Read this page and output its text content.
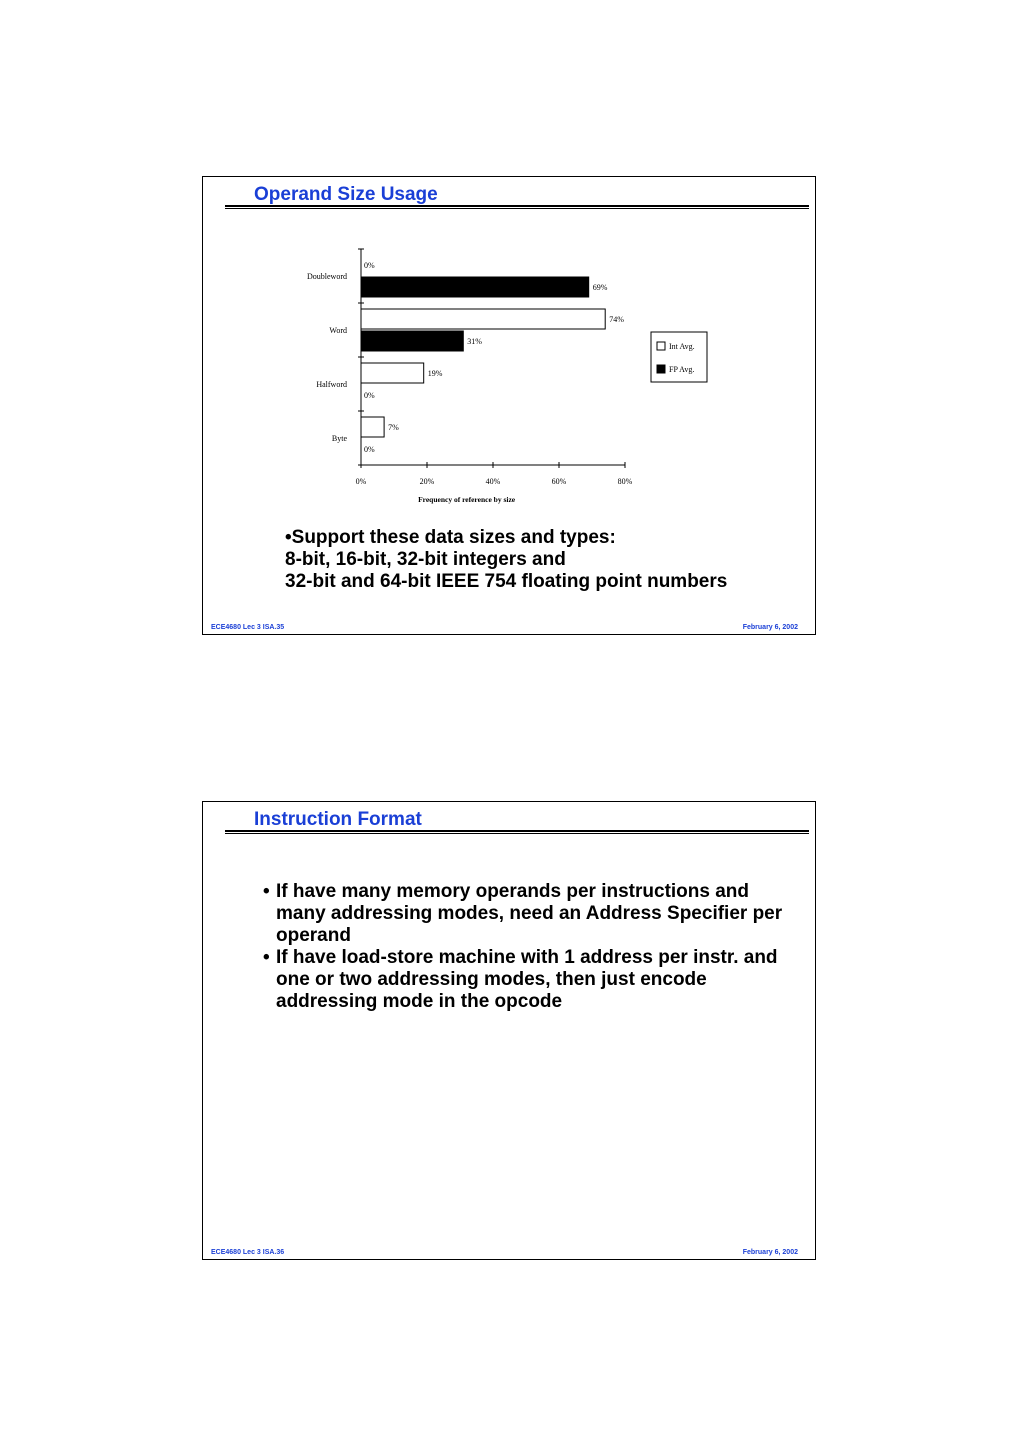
Operand Size Usage
0%	20%	40%	60%	80%
Frequency of reference by size
Doubleword
0%
69%
Word
74%
31%
Halfword
19%
0%
Byte
7%
0%
Int Avg.
FP Avg.
•Support these data sizes and types:
8-bit, 16-bit, 32-bit integers and
32-bit and 64-bit IEEE 754 floating point numbers
ECE4680 Lec 3 ISA.35	February 6, 2002
Instruction Format
• If have many memory operands per instructions and many addressing modes, need an Address Specifier per operand
• If have load-store machine with 1 address per instr. and one or two addressing modes, then just encode addressing mode in the opcode
ECE4680 Lec 3 ISA.36	February 6, 2002
